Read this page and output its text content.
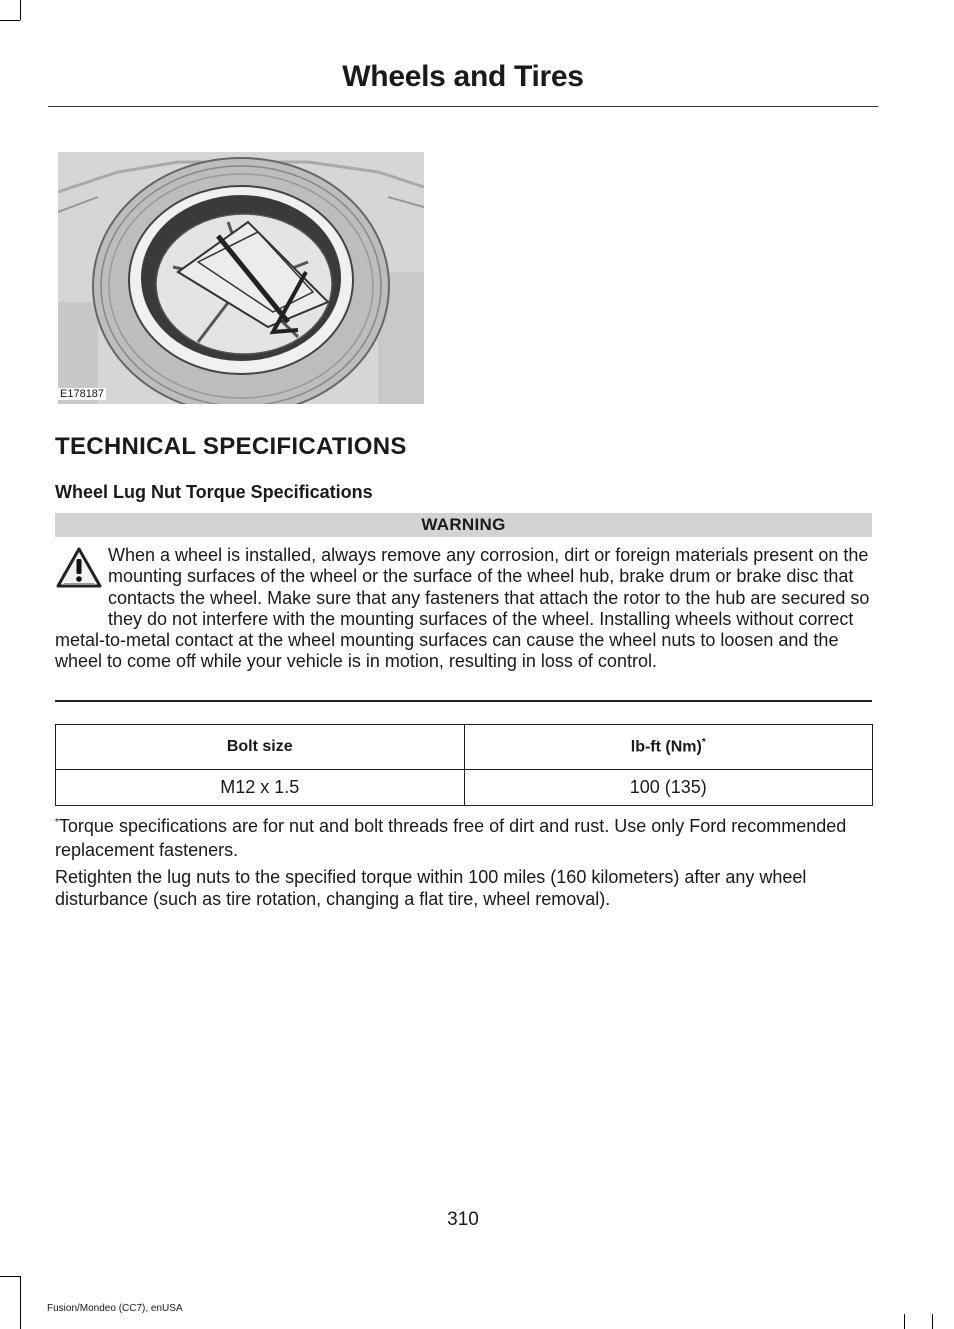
Wheels and Tires
E178187
TECHNICAL SPECIFICATIONS
Wheel Lug Nut Torque Specifications
WARNING
When a wheel is installed, always remove any corrosion, dirt or foreign materials present on the mounting surfaces of the wheel or the surface of the wheel hub, brake drum or brake disc that contacts the wheel. Make sure that any fasteners that attach the rotor to the hub are secured so they do not interfere with the mounting surfaces of the wheel. Installing wheels without correct metal-to-metal contact at the wheel mounting surfaces can cause the wheel nuts to loosen and the wheel to come off while your vehicle is in motion, resulting in loss of control.
Bolt size	lb-ft (Nm)*
M12 x 1.5	100 (135)
*Torque specifications are for nut and bolt threads free of dirt and rust. Use only Ford recommended replacement fasteners.
Retighten the lug nuts to the specified torque within 100 miles (160 kilometers) after any wheel disturbance (such as tire rotation, changing a flat tire, wheel removal).
310
Fusion/Mondeo (CC7), enUSA
